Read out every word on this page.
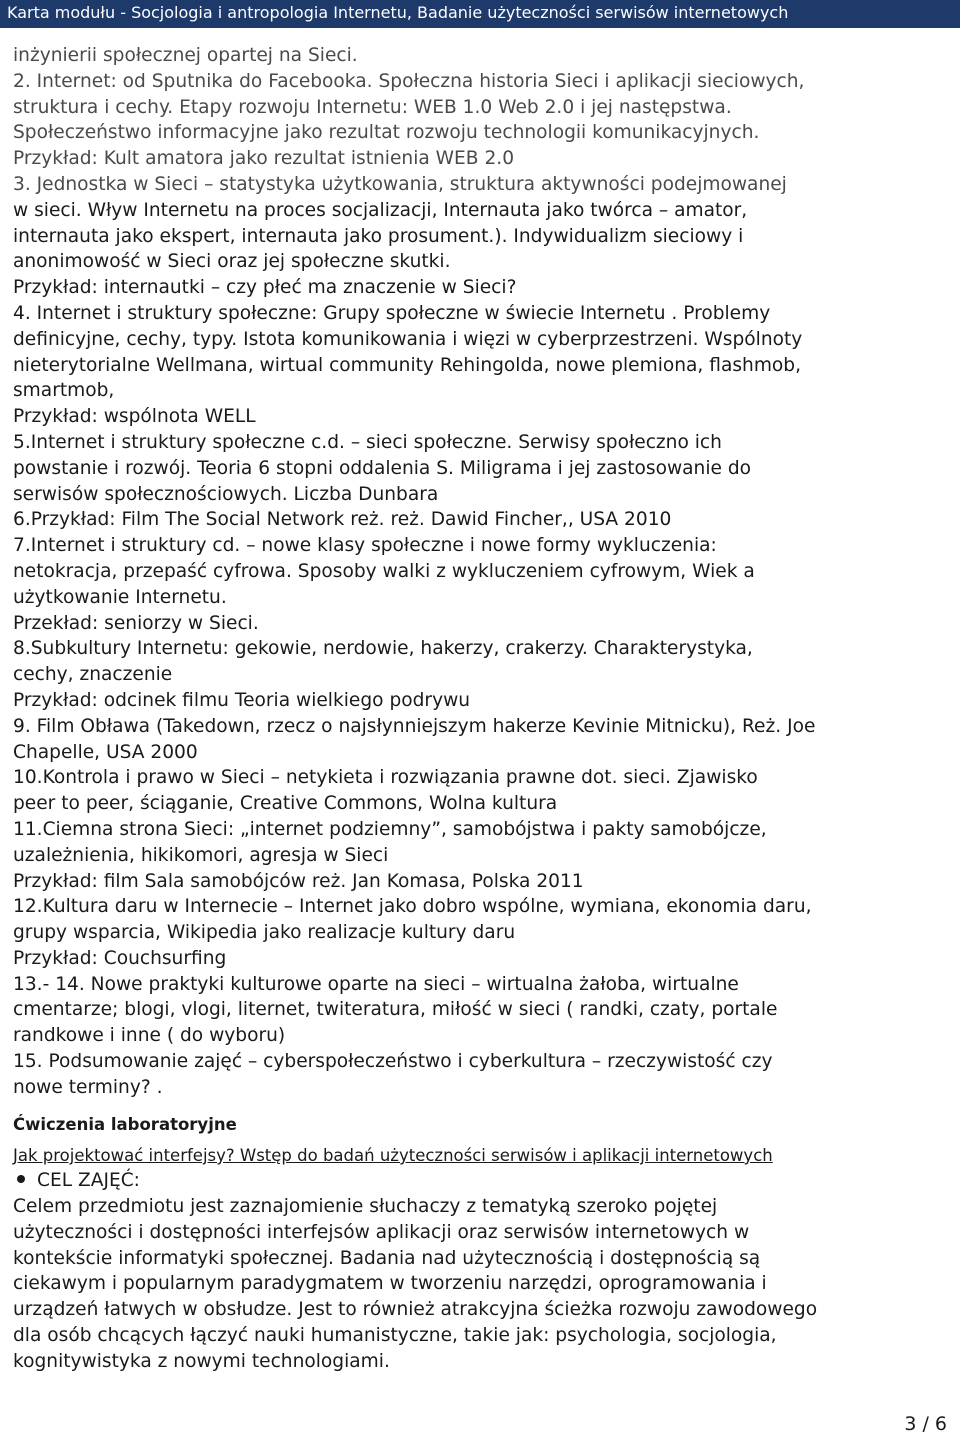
Karta modułu - Socjologia i antropologia Internetu, Badanie użyteczności serwisów internetowych
inżynierii społecznej opartej na Sieci.
2. Internet: od Sputnika do Facebooka. Społeczna historia Sieci i aplikacji sieciowych,
struktura i cechy. Etapy rozwoju Internetu: WEB 1.0 Web 2.0 i jej następstwa.
Społeczeństwo informacyjne jako rezultat rozwoju technologii komunikacyjnych.
Przykład: Kult amatora jako rezultat istnienia WEB 2.0
3. Jednostka w Sieci – statystyka użytkowania, struktura aktywności podejmowanej
w sieci. Wływ Internetu na proces socjalizacji, Internauta jako twórca – amator,
internauta jako ekspert, internauta jako prosument.). Indywidualizm sieciowy i
anonimowość w Sieci oraz jej społeczne skutki.
Przykład: internautki – czy płeć ma znaczenie w Sieci?
4. Internet i struktury społeczne: Grupy społeczne w świecie Internetu . Problemy
definicyjne, cechy, typy. Istota komunikowania i więzi w cyberprzestrzeni. Wspólnoty
nieterytorialne Wellmana, wirtual community Rehingolda, nowe plemiona, flashmob,
smartmob,
Przykład: wspólnota WELL
5.Internet i struktury społeczne c.d. – sieci społeczne. Serwisy społeczno ich
powstanie i rozwój. Teoria 6 stopni oddalenia S. Miligrama i jej zastosowanie do
serwisów społecznościowych. Liczba Dunbara
6.Przykład: Film The Social Network reż. reż. Dawid Fincher,, USA 2010
7.Internet i struktury cd. – nowe klasy społeczne i nowe formy wykluczenia:
netokracja, przepaść cyfrowa. Sposoby walki z wykluczeniem cyfrowym, Wiek a
użytkowanie Internetu.
Przekład: seniorzy w Sieci.
8.Subkultury Internetu: gekowie, nerdowie, hakerzy, crakerzy. Charakterystyka,
cechy, znaczenie
Przykład: odcinek filmu Teoria wielkiego podrywu
9. Film Obława (Takedown, rzecz o najsłynniejszym hakerze Kevinie Mitnicku), Reż. Joe
Chapelle, USA 2000
10.Kontrola i prawo w Sieci – netykieta i rozwiązania prawne dot. sieci. Zjawisko
peer to peer, ściąganie, Creative Commons, Wolna kultura
11.Ciemna strona Sieci: „internet podziemny”, samobójstwa i pakty samobójcze,
uzależnienia, hikikomori, agresja w Sieci
Przykład: film Sala samobójców reż. Jan Komasa, Polska 2011
12.Kultura daru w Internecie – Internet jako dobro wspólne, wymiana, ekonomia daru,
grupy wsparcia, Wikipedia jako realizacje kultury daru
Przykład: Couchsurfing
13.- 14. Nowe praktyki kulturowe oparte na sieci – wirtualna żałoba, wirtualne
cmentarze; blogi, vlogi, liternet, twiteratura, miłość w sieci ( randki, czaty, portale
randkowe i inne ( do wyboru)
15. Podsumowanie zajęć – cyberspołeczeństwo i cyberkultura – rzeczywistość czy
nowe terminy? .
Ćwiczenia laboratoryjne
Jak projektować interfejsy? Wstęp do badań użyteczności serwisów i aplikacji internetowych
CEL ZAJĘĆ:
Celem przedmiotu jest zaznajomienie słuchaczy z tematyką szeroko pojętej
użyteczności i dostępności interfejsów aplikacji oraz serwisów internetowych w
kontekście informatyki społecznej. Badania nad użytecznością i dostępnością są
ciekawym i popularnym paradygmatem w tworzeniu narzędzi, oprogramowania i
urządzeń łatwych w obsłudze. Jest to również atrakcyjna ścieżka rozwoju zawodowego
dla osób chcących łączyć nauki humanistyczne, takie jak: psychologia, socjologia,
kognitywistyka z nowymi technologiami.
3 / 6
